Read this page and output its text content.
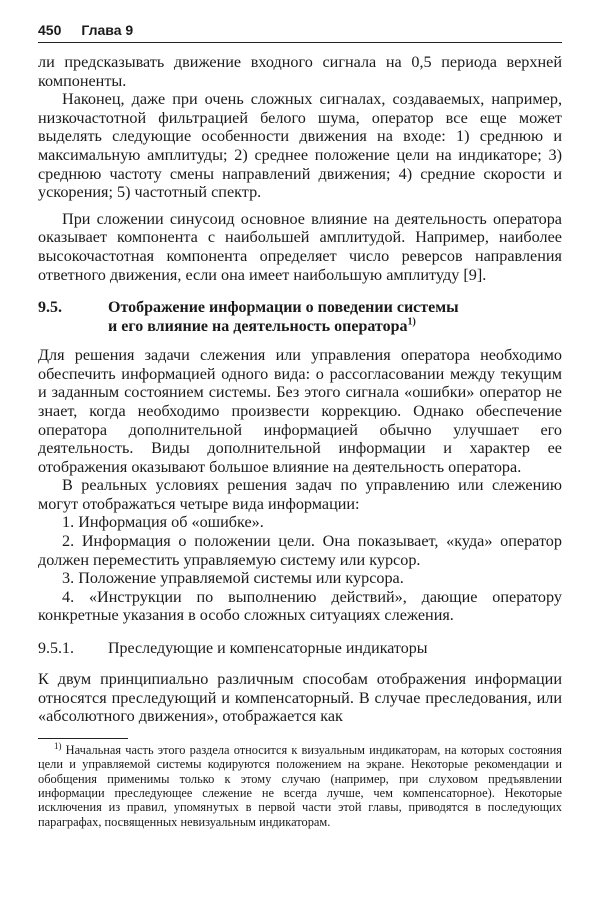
450 Глава 9

ли предсказывать движение входного сигнала на 0,5 периода верхней компоненты.

Наконец, даже при очень сложных сигналах, создаваемых, например, низкочастотной фильтрацией белого шума, оператор все еще может выделять следующие особенности движения на входе: 1) среднюю и максимальную амплитуды; 2) среднее положение цели на индикаторе; 3) среднюю частоту смены направлений движения; 4) средние скорости и ускорения; 5) частотный спектр.

При сложении синусоид основное влияние на деятельность оператора оказывает компонента с наибольшей амплитудой. Например, наиболее высокочастотная компонента определяет число реверсов направления ответного движения, если она имеет наибольшую амплитуду [9].

9.5.	Отображение информации о поведении системы
и его влияние на деятельность оператора$^{1)}$

Для решения задачи слежения или управления оператора необходимо обеспечить информацией одного вида: о рассогласовании между текущим и заданным состоянием системы. Без этого сигнала «ошибки» оператор не знает, когда необходимо произвести коррекцию. Однако обеспечение оператора дополнительной информацией обычно улучшает его деятельность. Виды дополнительной информации и характер ее отображения оказывают большое влияние на деятельность оператора.

В реальных условиях решения задач по управлению или слежению могут отображаться четыре вида информации:

1. Информация об «ошибке».

2. Информация о положении цели. Она показывает, «куда» оператор должен переместить управляемую систему или курсор.

3. Положение управляемой системы или курсора.

4. «Инструкции по выполнению действий», дающие оператору конкретные указания в особо сложных ситуациях слежения.

9.5.1.	Преследующие и компенсаторные индикаторы

К двум принципиально различным способам отображения информации относятся преследующий и компенсаторный. В случае преследования, или «абсолютного движения», отображается как

$^{1)}$ Начальная часть этого раздела относится к визуальным индикаторам, на которых состояния цели и управляемой системы кодируются положением на экране. Некоторые рекомендации и обобщения применимы только к этому случаю (например, при слуховом предъявлении информации преследующее слежение не всегда лучше, чем компенсаторное). Некоторые исключения из правил, упомянутых в первой части этой главы, приводятся в последующих параграфах, посвященных невизуальным индикаторам.
